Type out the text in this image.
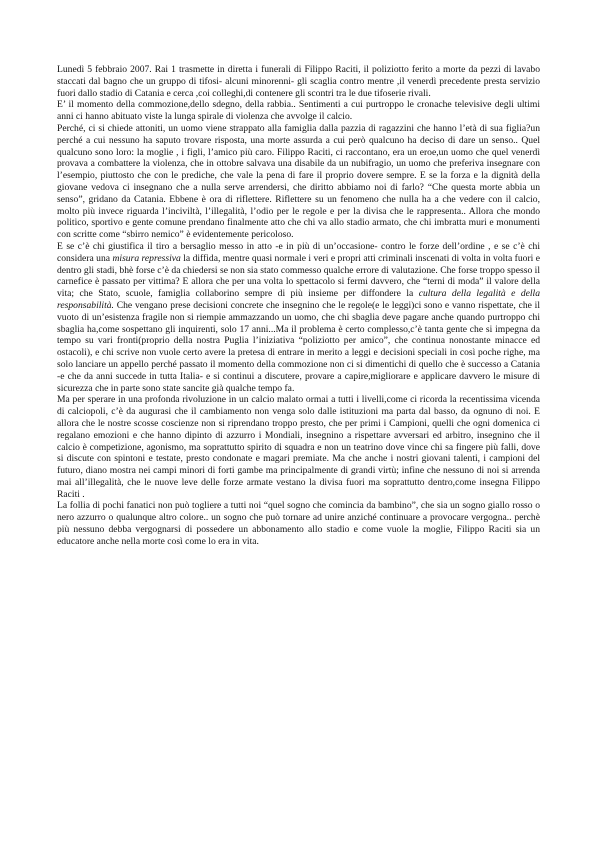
Lunedì 5 febbraio 2007. Rai 1 trasmette in diretta i funerali di Filippo Raciti, il poliziotto ferito a morte da pezzi di lavabo staccati dal bagno che un gruppo di tifosi- alcuni minorenni- gli scaglia contro mentre ,il venerdì precedente presta servizio fuori dallo stadio di Catania e cerca ,coi colleghi,di contenere gli scontri tra le due tifoserie rivali.

E’ il momento della commozione,dello sdegno, della rabbia.. Sentimenti a cui purtroppo le cronache televisive degli ultimi anni ci hanno abituato viste la lunga spirale di violenza che avvolge il calcio.

Perché, ci si chiede attoniti, un uomo viene strappato alla famiglia dalla pazzia di ragazzini che hanno l’età di sua figlia?un perché a cui nessuno ha saputo trovare risposta, una morte assurda a cui però qualcuno ha deciso di dare un senso.. Quel qualcuno sono loro: la moglie , i figli, l’amico più caro. Filippo Raciti, ci raccontano, era un eroe,un uomo che quel venerdì provava a combattere la violenza, che in ottobre salvava una disabile da un nubifragio, un uomo che preferiva insegnare con l’esempio, piuttosto che con le prediche, che vale la pena di fare il proprio dovere sempre. E se la forza e la dignità della giovane vedova ci insegnano che a nulla serve arrendersi, che diritto abbiamo noi di farlo? “Che questa morte abbia un senso”, gridano da Catania. Ebbene è ora di riflettere. Riflettere su un fenomeno che nulla ha a che vedere con il calcio, molto più invece riguarda l’inciviltà, l’illegalità, l’odio per le regole e per la divisa che le rappresenta.. Allora che mondo politico, sportivo e gente comune prendano finalmente atto che chi va allo stadio armato, che chi imbratta muri e monumenti con scritte come “sbirro nemico” è evidentemente pericoloso.

E se c’è chi giustifica il tiro a bersaglio messo in atto -e in più di un’occasione- contro le forze dell’ordine , e se c’è chi considera una misura repressiva la diffida, mentre quasi normale i veri e propri atti criminali inscenati di volta in volta fuori e dentro gli stadi, bhè forse c’è da chiedersi se non sia stato commesso qualche errore di valutazione. Che forse troppo spesso il carnefice è passato per vittima? E allora che per una volta lo spettacolo si fermi davvero, che “terni di moda” il valore della vita; che Stato, scuole, famiglia collaborino sempre di più insieme per diffondere la cultura della legalità e della responsabilità. Che vengano prese decisioni concrete che insegnino che le regole(e le leggi)ci sono e vanno rispettate, che il vuoto di un’esistenza fragile non si riempie ammazzando un uomo, che chi sbaglia deve pagare anche quando purtroppo chi sbaglia ha,come sospettano gli inquirenti, solo 17 anni...Ma il problema è certo complesso,c’è tanta gente che si impegna da tempo su vari fronti(proprio della nostra Puglia l’iniziativa “poliziotto per amico”, che continua nonostante minacce ed ostacoli), e chi scrive non vuole certo avere la pretesa di entrare in merito a leggi e decisioni speciali in così poche righe, ma solo lanciare un appello perché passato il momento della commozione non ci si dimentichi di quello che è successo a Catania -e che da anni succede in tutta Italia- e si continui a discutere, provare a capire,migliorare e applicare davvero le misure di sicurezza che in parte sono state sancite già qualche tempo fa.

Ma per sperare in una profonda rivoluzione in un calcio malato ormai a tutti i livelli,come ci ricorda la recentissima vicenda di calciopoli, c’è da augurasi che il cambiamento non venga solo dalle istituzioni ma parta dal basso, da ognuno di noi. E allora che le nostre scosse coscienze non si riprendano troppo presto, che per primi i Campioni, quelli che ogni domenica ci regalano emozioni e che hanno dipinto di azzurro i Mondiali, insegnino a rispettare avversari ed arbitro, insegnino che il calcio è competizione, agonismo, ma soprattutto spirito di squadra e non un teatrino dove vince chi sa fingere più falli, dove si discute con spintoni e testate, presto condonate e magari premiate. Ma che anche i nostri giovani talenti, i campioni del futuro, diano mostra nei campi minori di forti gambe ma principalmente di grandi virtù; infine che nessuno di noi si arrenda mai all’illegalità, che le nuove leve delle forze armate vestano la divisa fuori ma soprattutto dentro,come insegna Filippo Raciti .

La follia di pochi fanatici non può togliere a tutti noi “quel sogno che comincia da bambino”, che sia un sogno giallo rosso o nero azzurro o qualunque altro colore.. un sogno che può tornare ad unire anziché continuare a provocare vergogna.. perchè più nessuno debba vergognarsi di possedere un abbonamento allo stadio e come vuole la moglie, Filippo Raciti sia un educatore anche nella morte così come lo era in vita.
